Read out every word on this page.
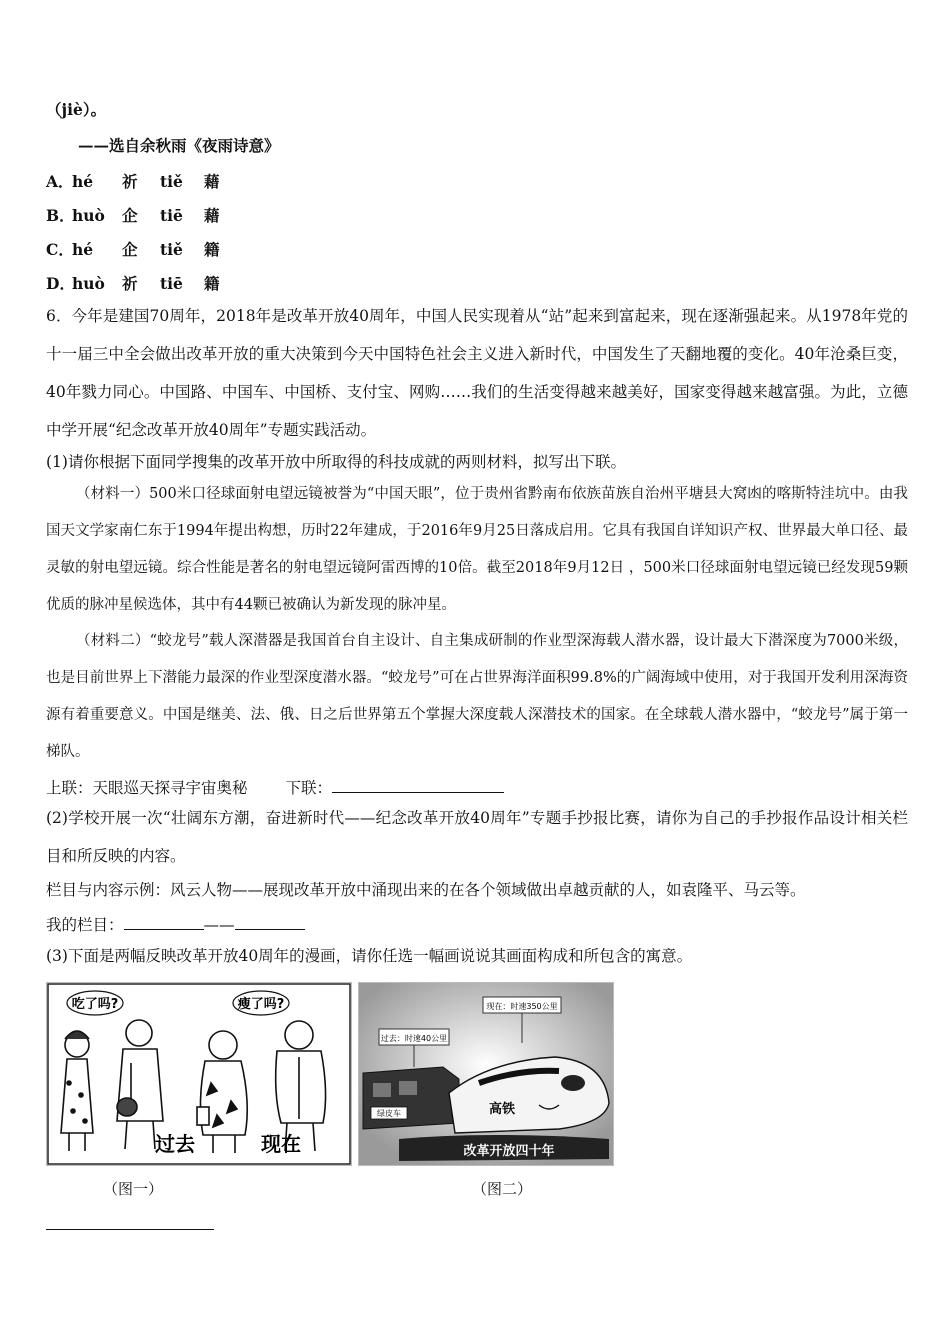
（jiè）。
——选自余秋雨《夜雨诗意》
A．hé 祈 tiě 藉
B．huò 企 tiē 藉
C．hé 企 tiě 籍
D．huò 祈 tiē 籍
6．今年是建国70周年，2018年是改革开放40周年，中国人民实现着从“站”起来到富起来，现在逐渐强起来。从1978年党的十一届三中全会做出改革开放的重大决策到今天中国特色社会主义进入新时代，中国发生了天翻地覆的变化。40年沧桑巨变，40年戮力同心。中国路、中国车、中国桥、支付宝、网购……我们的生活变得越来越美好，国家变得越来越富强。为此，立德中学开展“纪念改革开放40周年”专题实践活动。
(1)请你根据下面同学搜集的改革开放中所取得的科技成就的两则材料，拟写出下联。
（材料一）500米口径球面射电望远镜被誉为“中国天眼”，位于贵州省黔南布依族苗族自治州平塘县大窝凼的喀斯特洼坑中。由我国天文学家南仁东于1994年提出构想，历时22年建成，于2016年9月25日落成启用。它具有我国自详知识产权、世界最大单口径、最灵敏的射电望远镜。综合性能是著名的射电望远镜阿雷西博的10倍。截至2018年9月12日 ，500米口径球面射电望远镜已经发现59颗优质的脉冲星候选体，其中有44颗已被确认为新发现的脉冲星。
（材料二）“蛟龙号”载人深潜器是我国首台自主设计、自主集成研制的作业型深海载人潜水器，设计最大下潜深度为7000米级，也是目前世界上下潜能力最深的作业型深度潜水器。“蛟龙号”可在占世界海洋面积99.8%的广阔海域中使用，对于我国开发利用深海资源有着重要意义。中国是继美、法、俄、日之后世界第五个掌握大深度载人深潜技术的国家。在全球载人潜水器中，“蛟龙号”属于第一梯队。
上联：天眼巡天探寻宇宙奥秘 下联：
(2)学校开展一次“壮阔东方潮，奋进新时代——纪念改革开放40周年”专题手抄报比赛，请你为自己的手抄报作品设计相关栏目和所反映的内容。
栏目与内容示例：风云人物——展现改革开放中涌现出来的在各个领域做出卓越贡献的人，如袁隆平、马云等。
我的栏目：	——
(3)下面是两幅反映改革开放40周年的漫画，请你任选一幅画说说其画面构成和所包含的寓意。
吃了吗?	瘦了吗?
过去	现在
过去：时速40公里
现在：时速350公里
绿皮车	高铁
改革开放四十年
（图一）	（图二）
